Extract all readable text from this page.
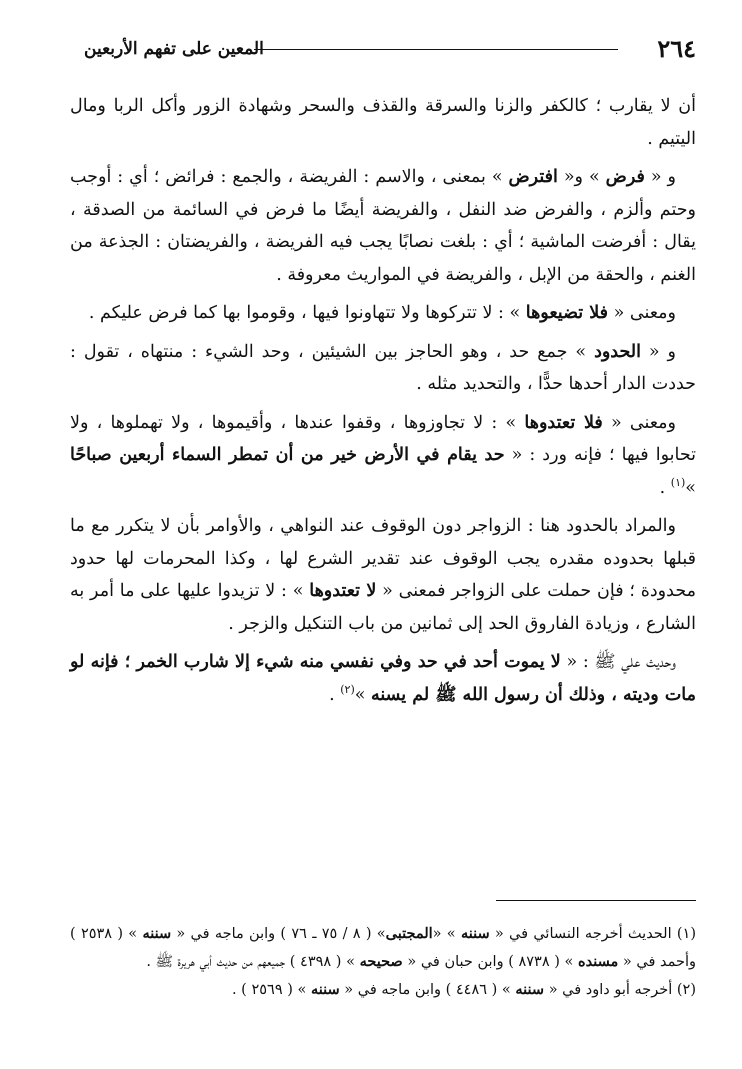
٢٦٤
المعين على تفهم الأربعين

أن لا يقارب ؛ كالكفر والزنا والسرقة والقذف والسحر وشهادة الزور وأكل الربا ومال اليتيم .

و « فرض » و« افترض » بمعنى ، والاسم : الفريضة ، والجمع : فرائض ؛ أي : أوجب وحتم وألزم ، والفرض ضد النفل ، والفريضة أيضًا ما فرض في السائمة من الصدقة ، يقال : أفرضت الماشية ؛ أي : بلغت نصابًا يجب فيه الفريضة ، والفريضتان : الجذعة من الغنم ، والحقة من الإبل ، والفريضة في المواريث معروفة .

ومعنى « فلا تضيعوها » : لا تتركوها ولا تتهاونوا فيها ، وقوموا بها كما فرض عليكم .

و « الحدود » جمع حد ، وهو الحاجز بين الشيئين ، وحد الشيء : منتهاه ، تقول : حددت الدار أحدها حدًّا ، والتحديد مثله .

ومعنى « فلا تعتدوها » : لا تجاوزوها ، وقفوا عندها ، وأقيموها ، ولا تهملوها ، ولا تحابوا فيها ؛ فإنه ورد : « حد يقام في الأرض خير من أن تمطر السماء أربعين صباحًا »$^{(١)}$ .

والمراد بالحدود هنا : الزواجر دون الوقوف عند النواهي ، والأوامر بأن لا يتكرر مع ما قبلها بحدوده مقدره يجب الوقوف عند تقدير الشرع لها ، وكذا المحرمات لها حدود محدودة ؛ فإن حملت على الزواجر فمعنى « لا تعتدوها » : لا تزيدوا عليها على ما أمر به الشارع ، وزيادة الفاروق الحد إلى ثمانين من باب التنكيل والزجر .

وحديث علي ﷺ : « لا يموت أحد في حد وفي نفسي منه شيء إلا شارب الخمر ؛ فإنه لو مات وديته ، وذلك أن رسول الله ﷺ لم يسنه »$^{(٢)}$ .

(١) الحديث أخرجه النسائي في « سننه » «المجتبى» ( ٨ / ٧٥ ـ ٧٦ ) وابن ماجه في « سننه » ( ٢٥٣٨ ) وأحمد في « مسنده » ( ٨٧٣٨ ) وابن حبان في « صحيحه » ( ٤٣٩٨ ) جميعهم من حديث أبي هريرة ﷺ .

(٢) أخرجه أبو داود في « سننه » ( ٤٤٨٦ ) وابن ماجه في « سننه » ( ٢٥٦٩ ) .
